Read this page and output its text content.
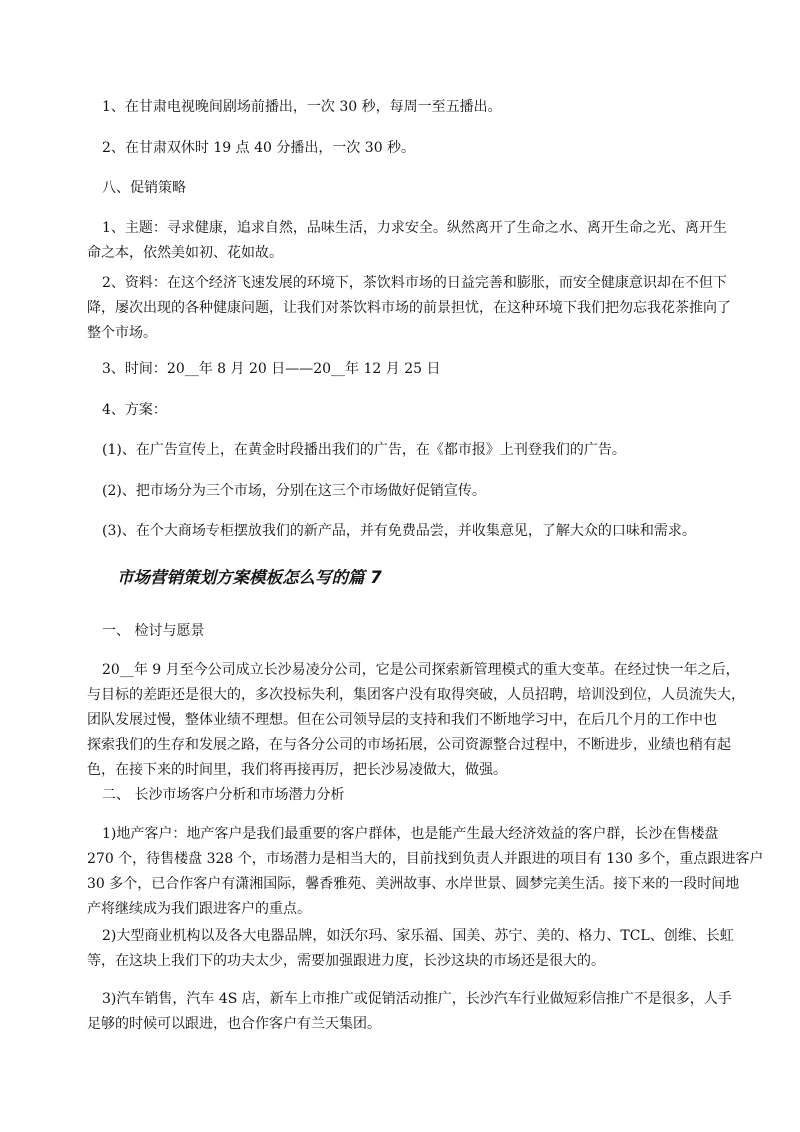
1、在甘肃电视晚间剧场前播出，一次 30 秒，每周一至五播出。

2、在甘肃双休时 19 点 40 分播出，一次 30 秒。

八、促销策略

1、主题：寻求健康，追求自然，品味生活，力求安全。纵然离开了生命之水、离开生命之光、离开生
命之本，依然美如初、花如故。
2、资料：在这个经济飞速发展的环境下，茶饮料市场的日益完善和膨胀，而安全健康意识却在不但下
降，屡次出现的各种健康问题，让我们对茶饮料市场的前景担忧，在这种环境下我们把勿忘我花茶推向了
整个市场。

3、时间：20__年 8 月 20 日——20__年 12 月 25 日

4、方案：

(1)、在广告宣传上，在黄金时段播出我们的广告，在《都市报》上刊登我们的广告。

(2)、把市场分为三个市场，分别在这三个市场做好促销宣传。

(3)、在个大商场专柜摆放我们的新产品，并有免费品尝，并收集意见，了解大众的口味和需求。

市场营销策划方案模板怎么写的篇 7

一、 检讨与愿景

20__年 9 月至今公司成立长沙易凌分公司，它是公司探索新管理模式的重大变革。在经过快一年之后，
与目标的差距还是很大的，多次投标失利，集团客户没有取得突破，人员招聘，培训没到位，人员流失大，
团队发展过慢，整体业绩不理想。但在公司领导层的支持和我们不断地学习中，在后几个月的工作中也
探索我们的生存和发展之路，在与各分公司的市场拓展，公司资源整合过程中，不断进步，业绩也稍有起
色，在接下来的时间里，我们将再接再厉，把长沙易凌做大，做强。

二、 长沙市场客户分析和市场潜力分析

1)地产客户：地产客户是我们最重要的客户群体，也是能产生最大经济效益的客户群，长沙在售楼盘
270 个，待售楼盘 328 个，市场潜力是相当大的，目前找到负责人并跟进的项目有 130 多个，重点跟进客户
30 多个，已合作客户有潇湘国际，馨香雅苑、美洲故事、水岸世景、圆梦完美生活。接下来的一段时间地
产将继续成为我们跟进客户的重点。
2)大型商业机构以及各大电器品牌，如沃尔玛、家乐福、国美、苏宁、美的、格力、TCL、创维、长虹
等，在这块上我们下的功夫太少，需要加强跟进力度，长沙这块的市场还是很大的。
3)汽车销售，汽车 4S 店，新车上市推广或促销活动推广，长沙汽车行业做短彩信推广不是很多，人手
足够的时候可以跟进，也合作客户有兰天集团。
